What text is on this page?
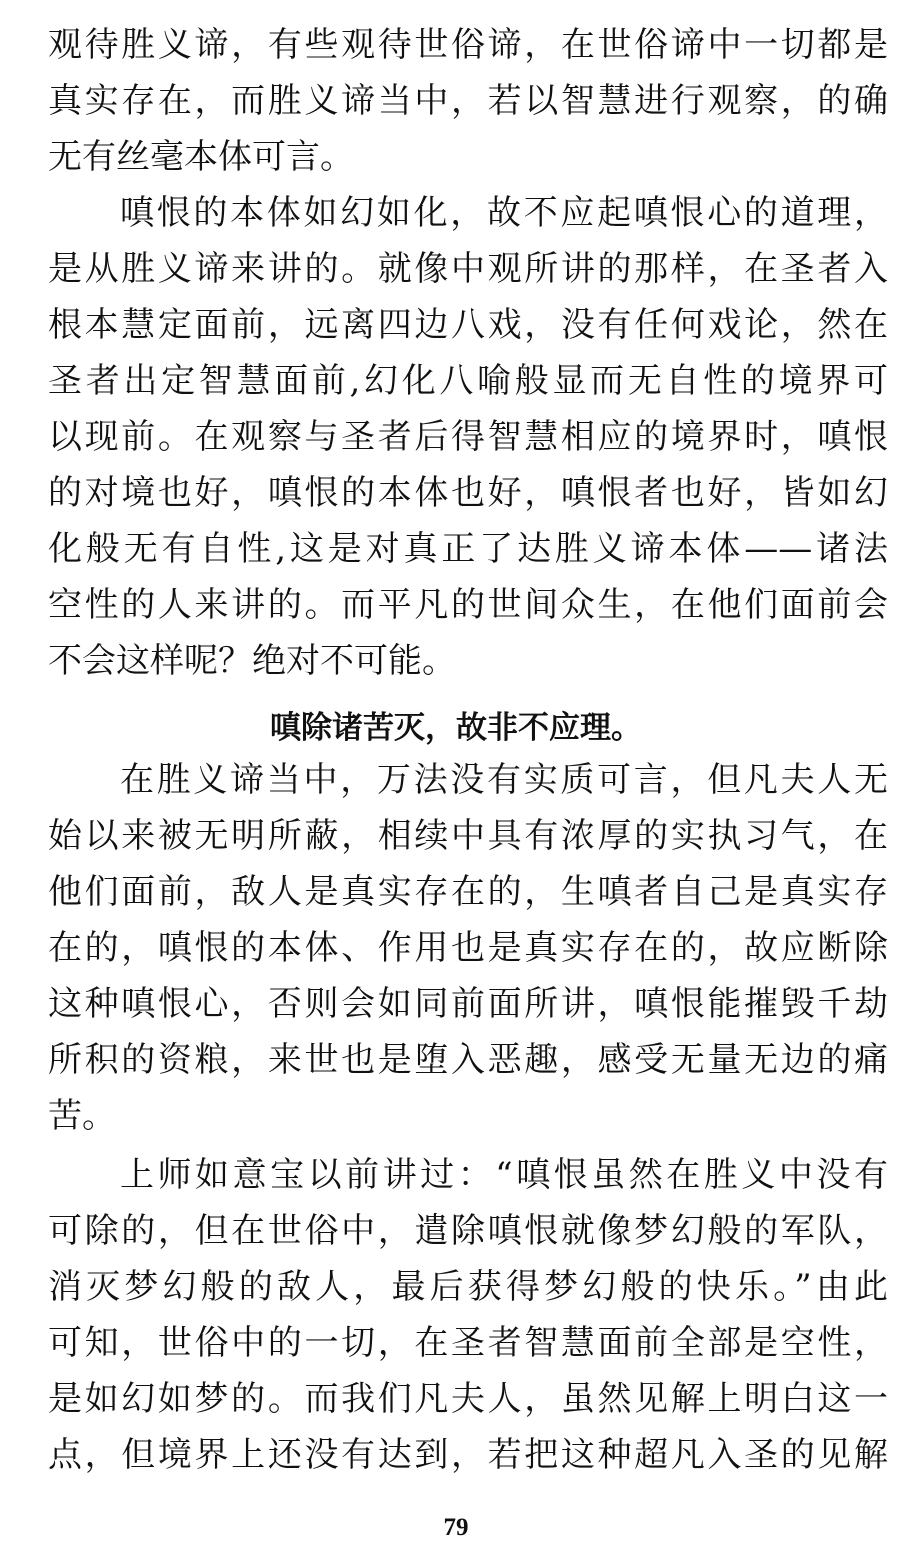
观待胜义谛，有些观待世俗谛，在世俗谛中一切都是
真实存在，而胜义谛当中，若以智慧进行观察，的确
无有丝毫本体可言。
嗔恨的本体如幻如化，故不应起嗔恨心的道理，
是从胜义谛来讲的。就像中观所讲的那样，在圣者入
根本慧定面前，远离四边八戏，没有任何戏论，然在
圣者出定智慧面前,幻化八喻般显而无自性的境界可
以现前。在观察与圣者后得智慧相应的境界时，嗔恨
的对境也好，嗔恨的本体也好，嗔恨者也好，皆如幻
化般无有自性,这是对真正了达胜义谛本体——诸法
空性的人来讲的。而平凡的世间众生，在他们面前会
不会这样呢？绝对不可能。
嗔除诸苦灭，故非不应理。
在胜义谛当中，万法没有实质可言，但凡夫人无
始以来被无明所蔽，相续中具有浓厚的实执习气，在
他们面前，敌人是真实存在的，生嗔者自己是真实存
在的，嗔恨的本体、作用也是真实存在的，故应断除
这种嗔恨心，否则会如同前面所讲，嗔恨能摧毁千劫
所积的资粮，来世也是堕入恶趣，感受无量无边的痛
苦。
上师如意宝以前讲过：“嗔恨虽然在胜义中没有
可除的，但在世俗中，遣除嗔恨就像梦幻般的军队，
消灭梦幻般的敌人，最后获得梦幻般的快乐。”由此
可知，世俗中的一切，在圣者智慧面前全部是空性，
是如幻如梦的。而我们凡夫人，虽然见解上明白这一
点，但境界上还没有达到，若把这种超凡入圣的见解
79
